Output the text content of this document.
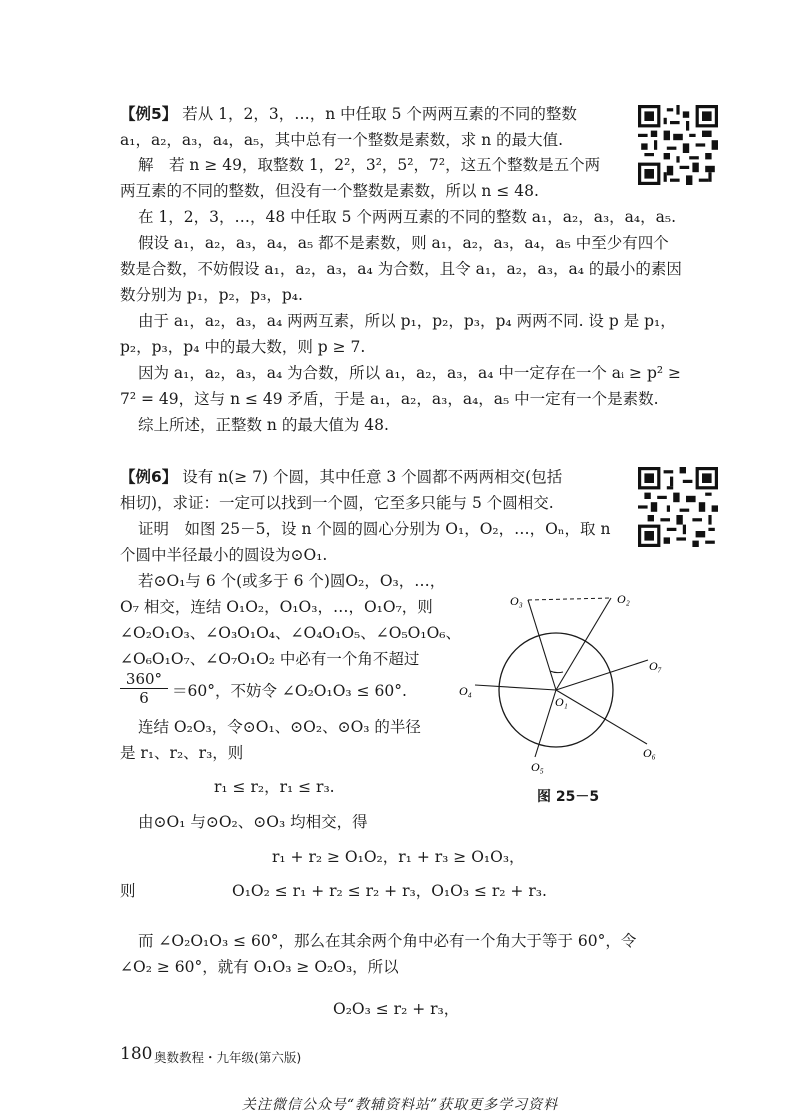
【例5】 若从 1，2，3，…，n 中任取 5 个两两互素的不同的整数
a₁，a₂，a₃，a₄，a₅，其中总有一个整数是素数，求 n 的最大值.
解　若 n ≥ 49，取整数 1，2²，3²，5²，7²，这五个整数是五个两
两互素的不同的整数，但没有一个整数是素数，所以 n ≤ 48.
在 1，2，3，…，48 中任取 5 个两两互素的不同的整数 a₁，a₂，a₃，a₄，a₅.
假设 a₁，a₂，a₃，a₄，a₅ 都不是素数，则 a₁，a₂，a₃，a₄，a₅ 中至少有四个
数是合数，不妨假设 a₁，a₂，a₃，a₄ 为合数，且令 a₁，a₂，a₃，a₄ 的最小的素因
数分别为 p₁，p₂，p₃，p₄.
由于 a₁，a₂，a₃，a₄ 两两互素，所以 p₁，p₂，p₃，p₄ 两两不同. 设 p 是 p₁，
p₂，p₃，p₄ 中的最大数，则 p ≥ 7.
因为 a₁，a₂，a₃，a₄ 为合数，所以 a₁，a₂，a₃，a₄ 中一定存在一个 aᵢ ≥ p² ≥
7² = 49，这与 n ≤ 49 矛盾，于是 a₁，a₂，a₃，a₄，a₅ 中一定有一个是素数.
综上所述，正整数 n 的最大值为 48.
【例6】 设有 n(≥ 7) 个圆，其中任意 3 个圆都不两两相交(包括
相切)，求证：一定可以找到一个圆，它至多只能与 5 个圆相交.
证明　如图 25－5，设 n 个圆的圆心分别为 O₁，O₂，…，Oₙ，取 n
个圆中半径最小的圆设为⊙O₁.
若⊙O₁与 6 个(或多于 6 个)圆O₂，O₃，…，
O₇ 相交，连结 O₁O₂，O₁O₃，…，O₁O₇，则
∠O₂O₁O₃、∠O₃O₁O₄、∠O₄O₁O₅、∠O₅O₁O₆、
∠O₆O₁O₇、∠O₇O₁O₂ 中必有一个角不超过
$\frac{360^\circ}{6} =60^\circ$，不妨令 ∠O₂O₁O₃ ≤ 60°.
连结 O₂O₃，令⊙O₁、⊙O₂、⊙O₃ 的半径
是 r₁、r₂、r₃，则
r₁ ≤ r₂，r₁ ≤ r₃.
由⊙O₁ 与⊙O₂、⊙O₃ 均相交，得
r₁ + r₂ ≥ O₁O₂，r₁ + r₃ ≥ O₁O₃，
则	O₁O₂ ≤ r₁ + r₂ ≤ r₂ + r₃，O₁O₃ ≤ r₂ + r₃.
而 ∠O₂O₁O₃ ≤ 60°，那么在其余两个角中必有一个角大于等于 60°，令
∠O₂ ≥ 60°，就有 O₁O₃ ≥ O₂O₃，所以
O₂O₃ ≤ r₂ + r₃，
O₃	O₂
O₇
O₄
O₁
O₆
O₅
图 25－5
180 奥数教程・九年级(第六版)
关注微信公众号“教辅资料站”获取更多学习资料
